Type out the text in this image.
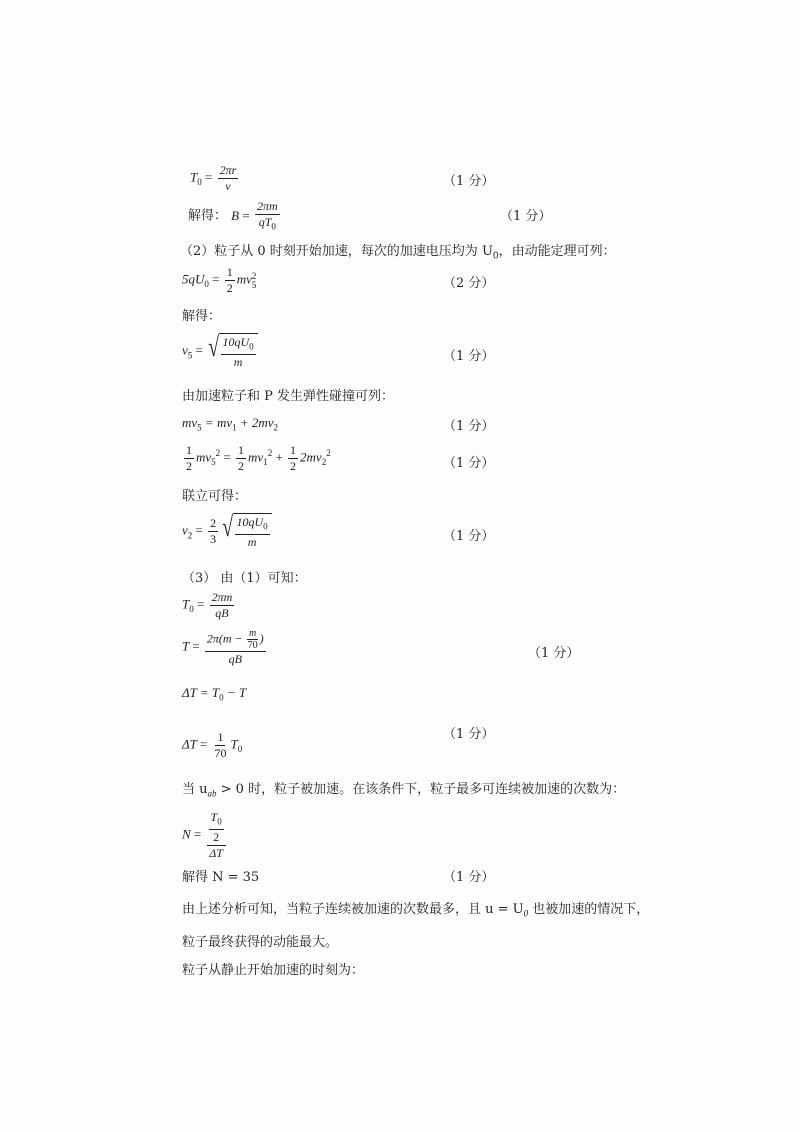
$T_0 = \frac{2\pi r}{v}$	（1 分）
解得： $B = \frac{2\pi m}{qT_0}$	（1 分）
（2）粒子从 0 时刻开始加速，每次的加速电压均为 $U_0$，由动能定理可列：
$5qU_0 = \frac{1}{2}$ mv 2
5	（2 分）
解得：
$v_5$ = √ $\frac{10qU_0}{m}$	（1 分）
由加速粒子和 P 发生弹性碰撞可列：
$mv_5 = mv_1 + 2mv_2$	（1 分）
$\frac{1}{2} mv_5^2 = \frac{1}{2} mv_1^2 + \frac{1}{2} 2mv_2^2$
（1 分）
联立可得：
$v_2 = \frac{2}{3}$ √ $\frac{10qU_0}{m}$	（1 分）
（3） 由（1）可知：
$T_0 = \frac{2\pi m}{qB}$
$T = \frac{2\pi(m - \frac{m}{70} )}{qB}$	（1 分）
$\Delta T = T_0 - T$
$\Delta T = \frac{1}{70} T_0$
（1 分）
当 $u_{ab} > 0$ 时，粒子被加速。在该条件下，粒子最多可连续被加速的次数为：
$N = \frac{\frac{T_0}{2}}{\Delta T}$
解得 N = 35	（1 分）
由上述分析可知，当粒子连续被加速的次数最多，且 $u = U_0$ 也被加速的情况下，
粒子最终获得的动能最大。
粒子从静止开始加速的时刻为：
